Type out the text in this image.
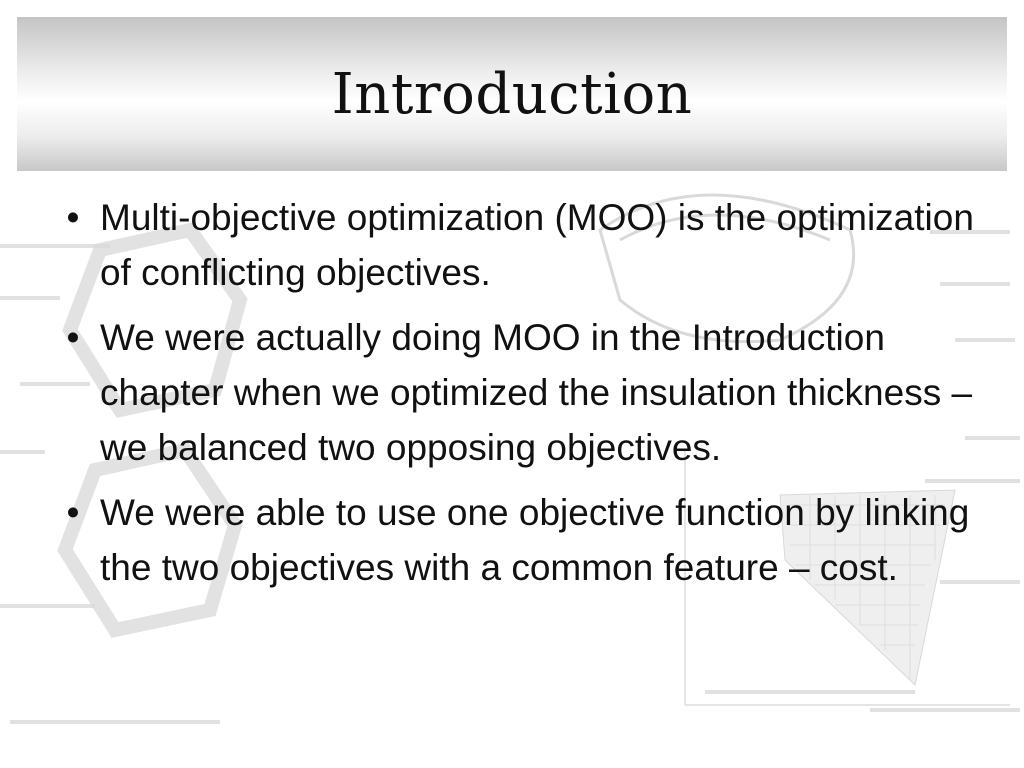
Introduction
• Multi-objective optimization (MOO) is the optimization of conflicting objectives.
• We were actually doing MOO in the Introduction chapter when we optimized the insulation thickness – we balanced two opposing objectives.
• We were able to use one objective function by linking the two objectives with a common feature – cost.
